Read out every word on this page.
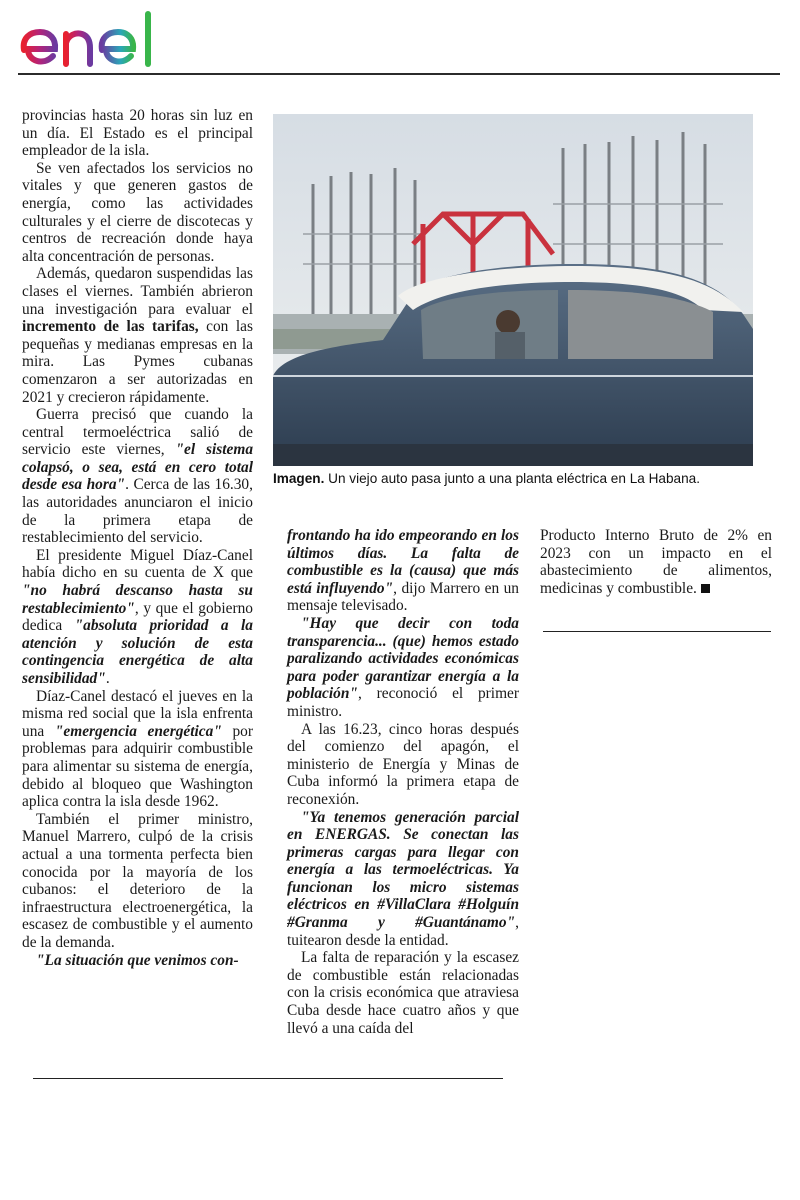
enel

provincias hasta 20 horas sin luz en un día. El Estado es el principal empleador de la isla.

Se ven afectados los servicios no vitales y que generen gastos de energía, como las actividades culturales y el cierre de discotecas y centros de recreación donde haya alta concentración de personas.

Además, quedaron suspendidas las clases el viernes. También abrieron una investigación para evaluar el incremento de las tarifas, con las pequeñas y medianas empresas en la mira. Las Pymes cubanas comenzaron a ser autorizadas en 2021 y crecieron rápidamente.

Guerra precisó que cuando la central termoeléctrica salió de servicio este viernes, "el sistema colapsó, o sea, está en cero total desde esa hora". Cerca de las 16.30, las autoridades anunciaron el inicio de la primera etapa de restablecimiento del servicio.

El presidente Miguel Díaz-Canel había dicho en su cuenta de X que "no habrá descanso hasta su restablecimiento", y que el gobierno dedica "absoluta prioridad a la atención y solución de esta contingencia energética de alta sensibilidad".

Díaz-Canel destacó el jueves en la misma red social que la isla enfrenta una "emergencia energética" por problemas para adquirir combustible para alimentar su sistema de energía, debido al bloqueo que Washington aplica contra la isla desde 1962.

También el primer ministro, Manuel Marrero, culpó de la crisis actual a una tormenta perfecta bien conocida por la mayoría de los cubanos: el deterioro de la infraestructura electroenergética, la escasez de combustible y el aumento de la demanda.

"La situación que venimos con-

Imagen. Un viejo auto pasa junto a una planta eléctrica en La Habana.

frontando ha ido empeorando en los últimos días. La falta de combustible es la (causa) que más está influyendo", dijo Marrero en un mensaje televisado.

"Hay que decir con toda transparencia... (que) hemos estado paralizando actividades económicas para poder garantizar energía a la población", reconoció el primer ministro.

A las 16.23, cinco horas después del comienzo del apagón, el ministerio de Energía y Minas de Cuba informó la primera etapa de reconexión.

"Ya tenemos generación parcial en ENERGAS. Se conectan las primeras cargas para llegar con energía a las termoeléctricas. Ya funcionan los micro sistemas eléctricos en #VillaClara #Holguín #Granma y #Guantánamo", tuitearon desde la entidad.

La falta de reparación y la escasez de combustible están relacionadas con la crisis económica que atraviesa Cuba desde hace cuatro años y que llevó a una caída del

Producto Interno Bruto de 2% en 2023 con un impacto en el abastecimiento de alimentos, medicinas y combustible.
